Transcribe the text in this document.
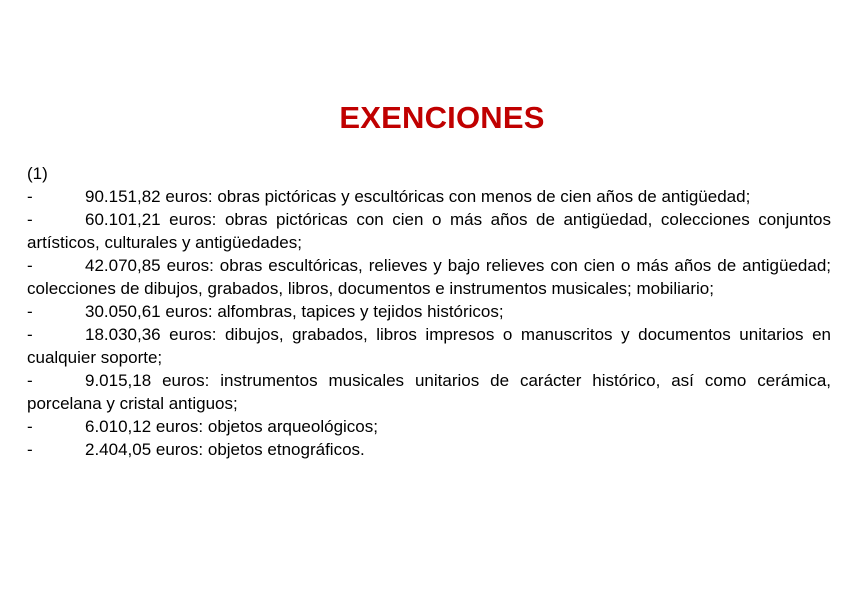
EXENCIONES
(1)
-	90.151,82 euros: obras pictóricas y escultóricas con menos de cien años de antigüedad;
-	60.101,21 euros: obras pictóricas con cien o más años de antigüedad, colecciones conjuntos artísticos, culturales y antigüedades;
-	42.070,85 euros: obras escultóricas, relieves y bajo relieves con cien o más años de antigüedad; colecciones de dibujos, grabados, libros, documentos e instrumentos musicales; mobiliario;
-	30.050,61 euros: alfombras, tapices y tejidos históricos;
-	18.030,36 euros: dibujos, grabados, libros impresos o manuscritos y documentos unitarios en cualquier soporte;
-	9.015,18 euros: instrumentos musicales unitarios de carácter histórico, así como cerámica, porcelana y cristal antiguos;
-	6.010,12 euros: objetos arqueológicos;
-	2.404,05 euros: objetos etnográficos.
